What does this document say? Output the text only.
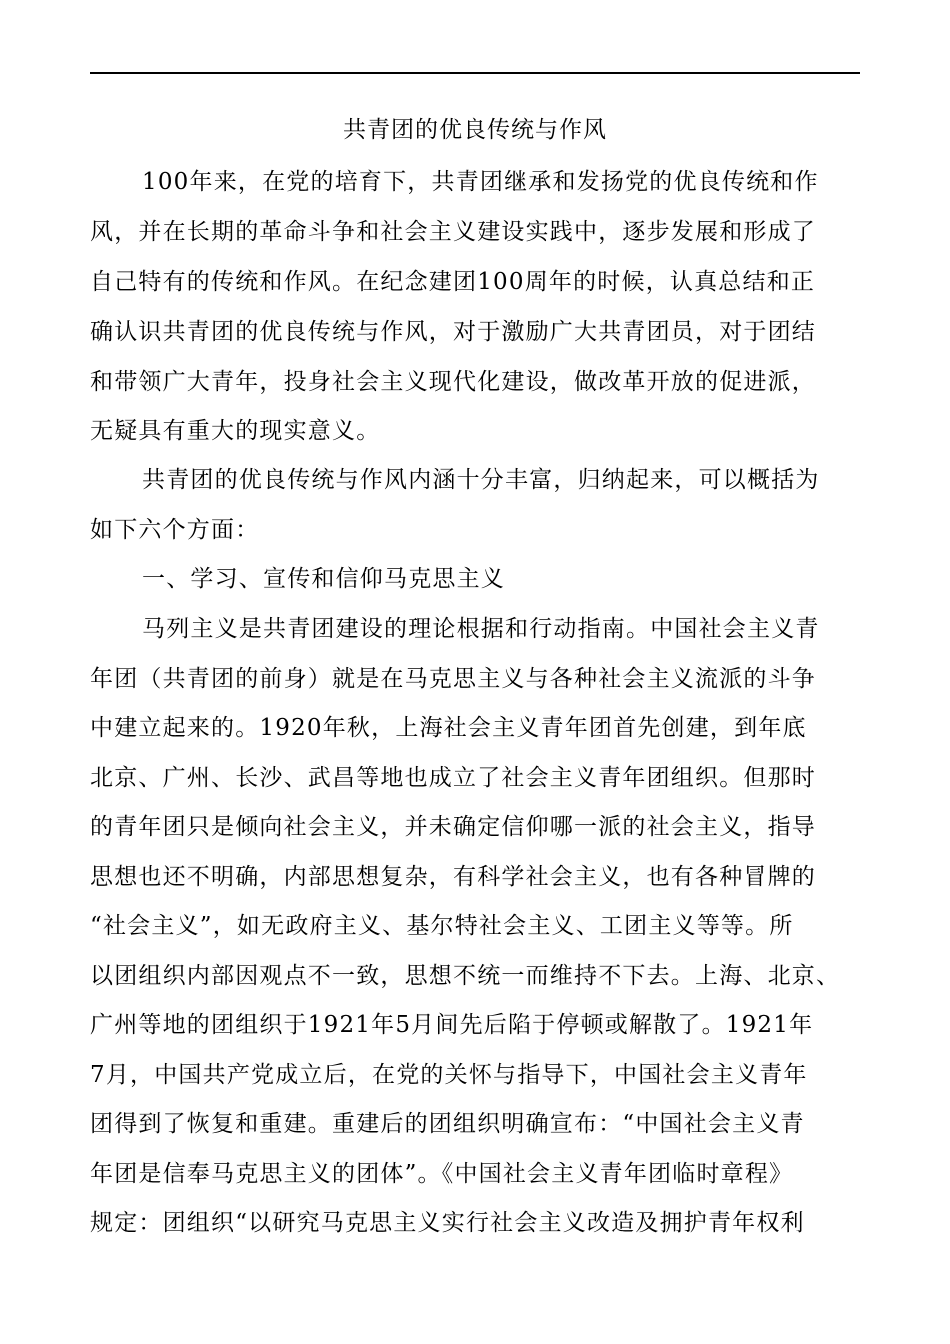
共青团的优良传统与作风

100年来，在党的培育下，共青团继承和发扬党的优良传统和作

风，并在长期的革命斗争和社会主义建设实践中，逐步发展和形成了

自己特有的传统和作风。在纪念建团100周年的时候，认真总结和正

确认识共青团的优良传统与作风，对于激励广大共青团员，对于团结

和带领广大青年，投身社会主义现代化建设，做改革开放的促进派，

无疑具有重大的现实意义。

共青团的优良传统与作风内涵十分丰富，归纳起来，可以概括为

如下六个方面：

一、学习、宣传和信仰马克思主义

马列主义是共青团建设的理论根据和行动指南。中国社会主义青

年团（共青团的前身）就是在马克思主义与各种社会主义流派的斗争

中建立起来的。1920年秋，上海社会主义青年团首先创建，到年底

北京、广州、长沙、武昌等地也成立了社会主义青年团组织。但那时

的青年团只是倾向社会主义，并未确定信仰哪一派的社会主义，指导

思想也还不明确，内部思想复杂，有科学社会主义，也有各种冒牌的

“社会主义”，如无政府主义、基尔特社会主义、工团主义等等。所

以团组织内部因观点不一致，思想不统一而维持不下去。上海、北京、

广州等地的团组织于1921年5月间先后陷于停顿或解散了。1921年

7月，中国共产党成立后，在党的关怀与指导下，中国社会主义青年

团得到了恢复和重建。重建后的团组织明确宣布：“中国社会主义青

年团是信奉马克思主义的团体”。《中国社会主义青年团临时章程》

规定：团组织“以研究马克思主义实行社会主义改造及拥护青年权利
